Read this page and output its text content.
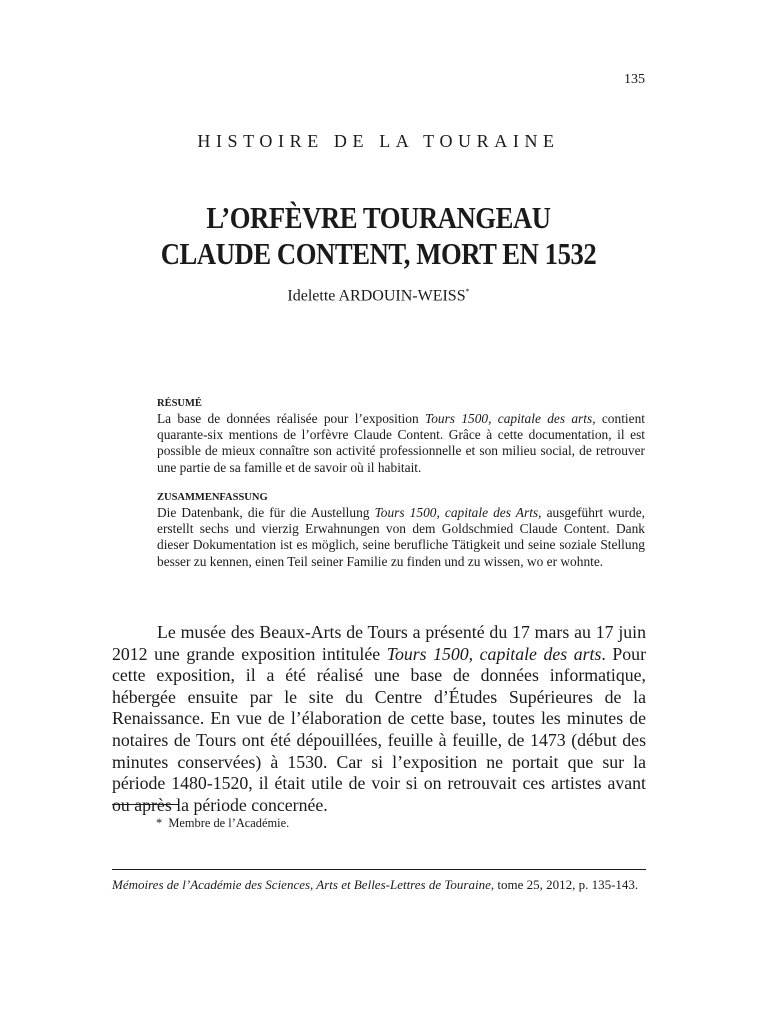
135
HISTOIRE DE LA TOURAINE
L’ORFÈVRE TOURANGEAU
CLAUDE CONTENT, MORT EN 1532
Idelette ARDOUIN-WEISS*
RÉSUMÉ
La base de données réalisée pour l’exposition Tours 1500, capitale des arts, contient quarante-six mentions de l’orfèvre Claude Content. Grâce à cette documentation, il est possible de mieux connaître son activité professionnelle et son milieu social, de retrouver une partie de sa famille et de savoir où il habitait.
ZUSAMMENFASSUNG
Die Datenbank, die für die Austellung Tours 1500, capitale des Arts, ausgeführt wurde, erstellt sechs und vierzig Erwahnungen von dem Goldschmied Claude Content. Dank dieser Dokumentation ist es möglich, seine berufliche Tätigkeit und seine soziale Stellung besser zu kennen, einen Teil seiner Familie zu finden und zu wissen, wo er wohnte.

Le musée des Beaux-Arts de Tours a présenté du 17 mars au 17 juin 2012 une grande exposition intitulée Tours 1500, capitale des arts. Pour cette exposition, il a été réalisé une base de données informatique, hébergée ensuite par le site du Centre d’Études Supérieures de la Renaissance. En vue de l’élaboration de cette base, toutes les minutes de notaires de Tours ont été dépouillées, feuille à feuille, de 1473 (début des minutes conservées) à 1530. Car si l’exposition ne portait que sur la période 1480-1520, il était utile de voir si on retrouvait ces artistes avant ou après la période concernée.

* Membre de l’Académie.
Mémoires de l’Académie des Sciences, Arts et Belles-Lettres de Touraine, tome 25, 2012, p. 135-143.
